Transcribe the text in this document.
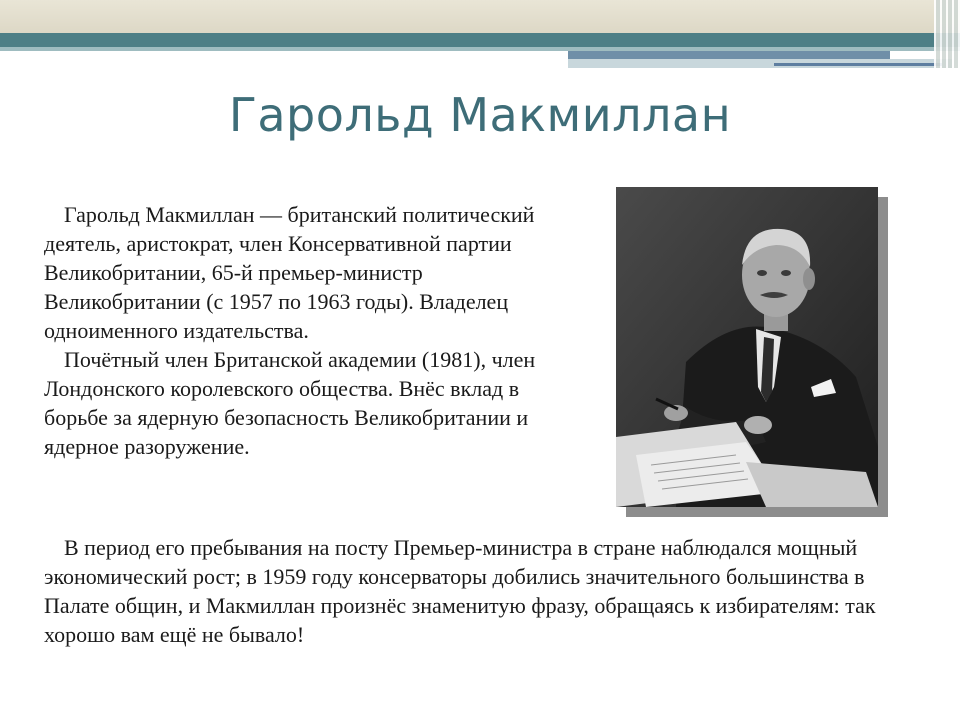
Гарольд Макмиллан

Гарольд Макмиллан — британский политический деятель, аристократ, член Консервативной партии Великобритании, 65-й премьер-министр Великобритании (с 1957 по 1963 годы). Владелец одноименного издательства.

Почётный член Британской академии (1981), член Лондонского королевского общества. Внёс вклад в борьбе за ядерную безопасность Великобритании и ядерное разоружение.

В период его пребывания на посту Премьер-министра в стране наблюдался мощный экономический рост; в 1959 году консерваторы добились значительного большинства в Палате общин, и Макмиллан произнёс знаменитую фразу, обращаясь к избирателям: так хорошо вам ещё не бывало!
